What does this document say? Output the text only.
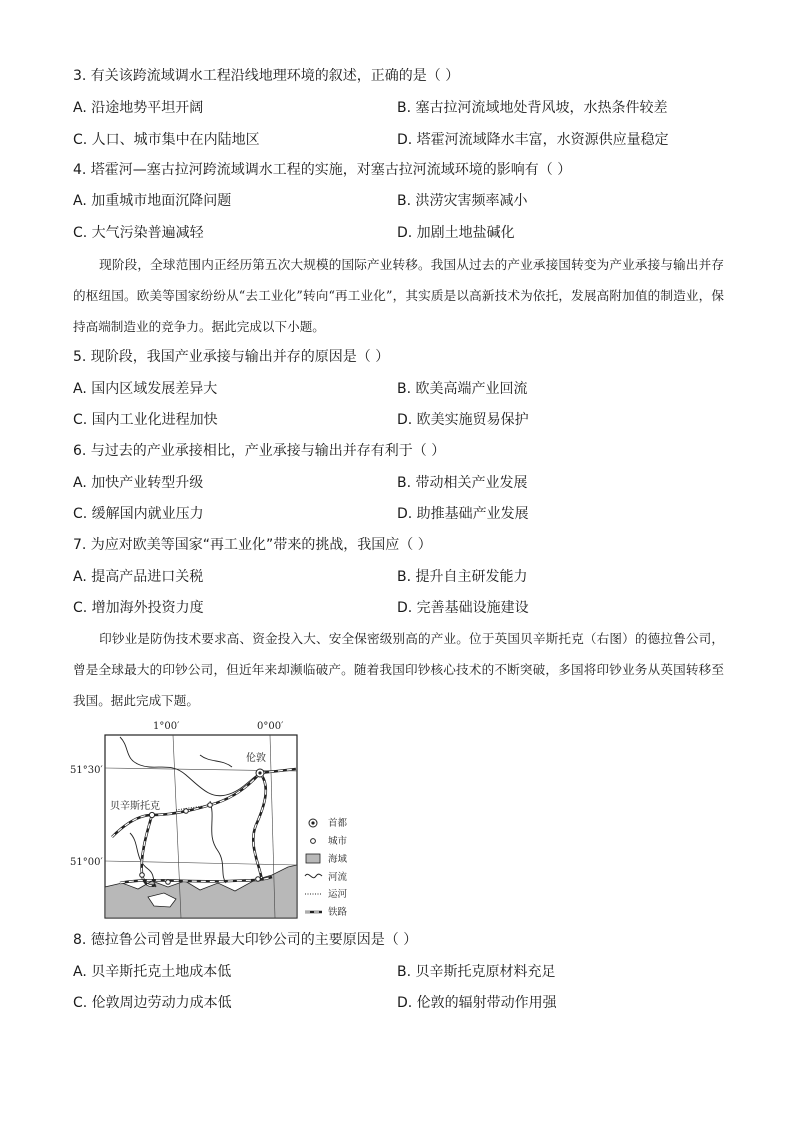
3. 有关该跨流域调水工程沿线地理环境的叙述，正确的是（ ）
A. 沿途地势平坦开阔	B. 塞古拉河流域地处背风坡，水热条件较差
C. 人口、城市集中在内陆地区	D. 塔霍河流域降水丰富，水资源供应量稳定
4. 塔霍河—塞古拉河跨流域调水工程的实施，对塞古拉河流域环境的影响有（ ）
A. 加重城市地面沉降问题	B. 洪涝灾害频率减小
C. 大气污染普遍减轻	D. 加剧土地盐碱化
现阶段，全球范围内正经历第五次大规模的国际产业转移。我国从过去的产业承接国转变为产业承接与输出并存的枢纽国。欧美等国家纷纷从“去工业化”转向“再工业化”，其实质是以高新技术为依托，发展高附加值的制造业，保持高端制造业的竞争力。据此完成以下小题。
5. 现阶段，我国产业承接与输出并存的原因是（ ）
A. 国内区域发展差异大	B. 欧美高端产业回流
C. 国内工业化进程加快	D. 欧美实施贸易保护
6. 与过去的产业承接相比，产业承接与输出并存有利于（ ）
A. 加快产业转型升级	B. 带动相关产业发展
C. 缓解国内就业压力	D. 助推基础产业发展
7. 为应对欧美等国家“再工业化”带来的挑战，我国应（ ）
A. 提高产品进口关税	B. 提升自主研发能力
C. 增加海外投资力度	D. 完善基础设施建设
印钞业是防伪技术要求高、资金投入大、安全保密级别高的产业。位于英国贝辛斯托克（右图）的德拉鲁公司，曾是全球最大的印钞公司，但近年来却濒临破产。随着我国印钞核心技术的不断突破，多国将印钞业务从英国转移至我国。据此完成下题。
1°00′	0°00′
51°30′
51°00′
伦敦
贝辛斯托克
首都
城市
海域
河流
运河
铁路
8. 德拉鲁公司曾是世界最大印钞公司的主要原因是（ ）
A. 贝辛斯托克土地成本低	B. 贝辛斯托克原材料充足
C. 伦敦周边劳动力成本低	D. 伦敦的辐射带动作用强
